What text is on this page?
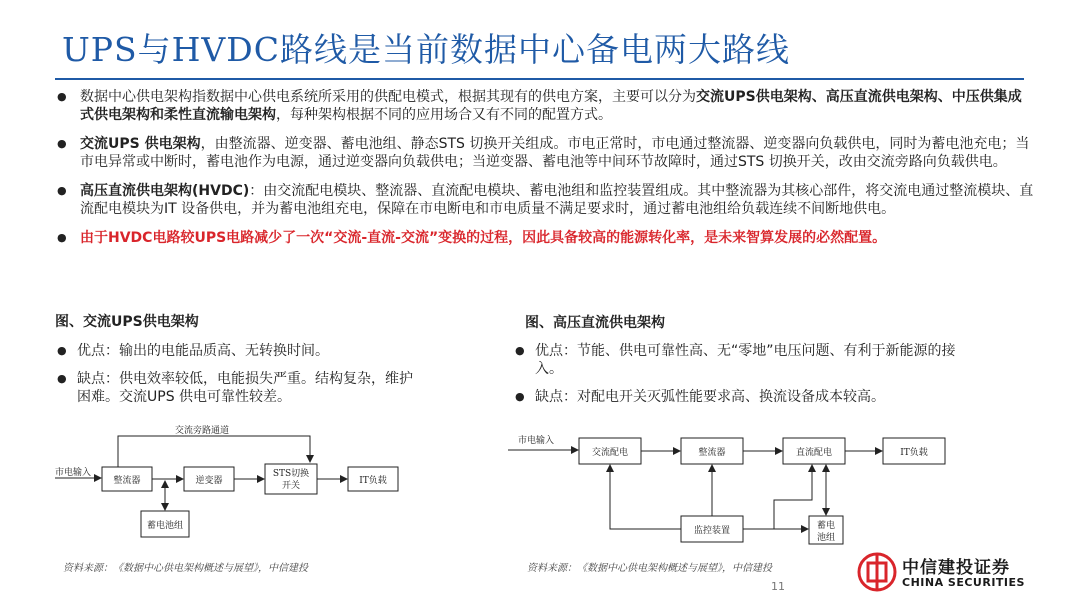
UPS与HVDC路线是当前数据中心备电两大路线
● 数据中心供电架构指数据中心供电系统所采用的供配电模式，根据其现有的供电方案，主要可以分为交流UPS供电架构、高压直流供电架构、中压供集成式供电架构和柔性直流输电架构，每种架构根据不同的应用场合又有不同的配置方式。
● 交流UPS 供电架构，由整流器、逆变器、蓄电池组、静态STS 切换开关组成。市电正常时，市电通过整流器、逆变器向负载供电，同时为蓄电池充电；当市电异常或中断时，蓄电池作为电源，通过逆变器向负载供电；当逆变器、蓄电池等中间环节故障时，通过STS 切换开关，改由交流旁路向负载供电。
● 高压直流供电架构(HVDC)：由交流配电模块、整流器、直流配电模块、蓄电池组和监控装置组成。其中整流器为其核心部件，将交流电通过整流模块、直流配电模块为IT 设备供电，并为蓄电池组充电，保障在市电断电和市电质量不满足要求时，通过蓄电池组给负载连续不间断地供电。
● 由于HVDC电路较UPS电路减少了一次“交流-直流-交流”变换的过程，因此具备较高的能源转化率，是未来智算发展的必然配置。
图、交流UPS供电架构
● 优点：输出的电能品质高、无转换时间。
● 缺点：供电效率较低，电能损失严重。结构复杂，维护困难。交流UPS 供电可靠性较差。
交流旁路通道
市电输入
整流器	逆变器
STS切换
开关	IT负载
蓄电池组
资料来源：《数据中心供电架构概述与展望》，中信建投
图、高压直流供电架构
● 优点：节能、供电可靠性高、无“零地”电压问题、有利于新能源的接入。
● 缺点：对配电开关灭弧性能要求高、换流设备成本较高。
市电输入
交流配电	整流器	直流配电	IT负载
监控装置	蓄电
池组
资料来源：《数据中心供电架构概述与展望》，中信建投
11
中信建投证券
CHINA SECURITIES
